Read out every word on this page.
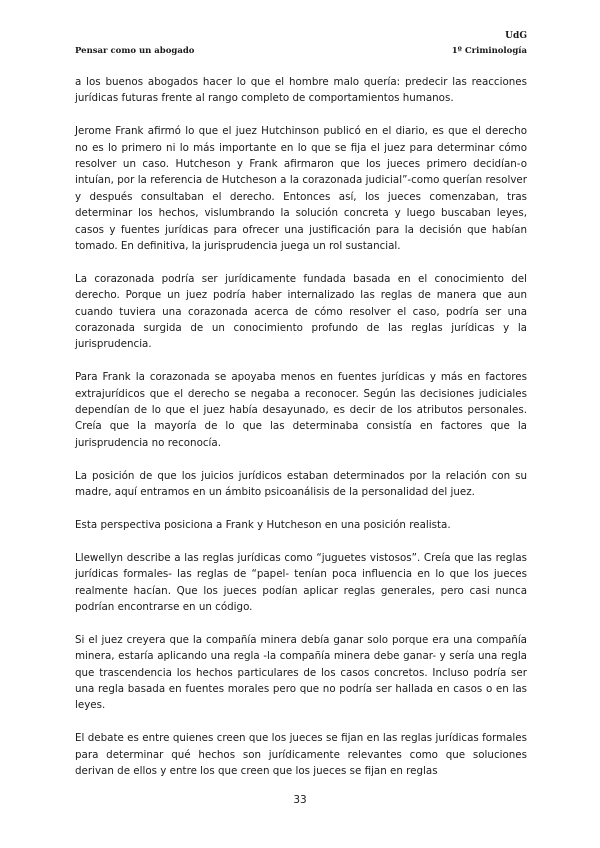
UdG
Pensar como un abogado	1º Criminología

a los buenos abogados hacer lo que el hombre malo quería: predecir las reacciones jurídicas futuras frente al rango completo de comportamientos humanos.

Jerome Frank afirmó lo que el juez Hutchinson publicó en el diario, es que el derecho no es lo primero ni lo más importante en lo que se fija el juez para determinar cómo resolver un caso. Hutcheson y Frank afirmaron que los jueces primero decidían-o intuían, por la referencia de Hutcheson a la corazonada judicial”-como querían resolver y después consultaban el derecho. Entonces así, los jueces comenzaban, tras determinar los hechos, vislumbrando la solución concreta y luego buscaban leyes, casos y fuentes jurídicas para ofrecer una justificación para la decisión que habían tomado. En definitiva, la jurisprudencia juega un rol sustancial.

La corazonada podría ser jurídicamente fundada basada en el conocimiento del derecho. Porque un juez podría haber internalizado las reglas de manera que aun cuando tuviera una corazonada acerca de cómo resolver el caso, podría ser una corazonada surgida de un conocimiento profundo de las reglas jurídicas y la jurisprudencia.

Para Frank la corazonada se apoyaba menos en fuentes jurídicas y más en factores extrajurídicos que el derecho se negaba a reconocer. Según las decisiones judiciales dependían de lo que el juez había desayunado, es decir de los atributos personales. Creía que la mayoría de lo que las determinaba consistía en factores que la jurisprudencia no reconocía.

La posición de que los juicios jurídicos estaban determinados por la relación con su madre, aquí entramos en un ámbito psicoanálisis de la personalidad del juez.

Esta perspectiva posiciona a Frank y Hutcheson en una posición realista.

Llewellyn describe a las reglas jurídicas como “juguetes vistosos”. Creía que las reglas jurídicas formales- las reglas de “papel- tenían poca influencia en lo que los jueces realmente hacían. Que los jueces podían aplicar reglas generales, pero casi nunca podrían encontrarse en un código.

Si el juez creyera que la compañía minera debía ganar solo porque era una compañía minera, estaría aplicando una regla -la compañía minera debe ganar- y sería una regla que trascendencia los hechos particulares de los casos concretos. Incluso podría ser una regla basada en fuentes morales pero que no podría ser hallada en casos o en las leyes.

El debate es entre quienes creen que los jueces se fijan en las reglas jurídicas formales para determinar qué hechos son jurídicamente relevantes como que soluciones derivan de ellos y entre los que creen que los jueces se fijan en reglas

33
